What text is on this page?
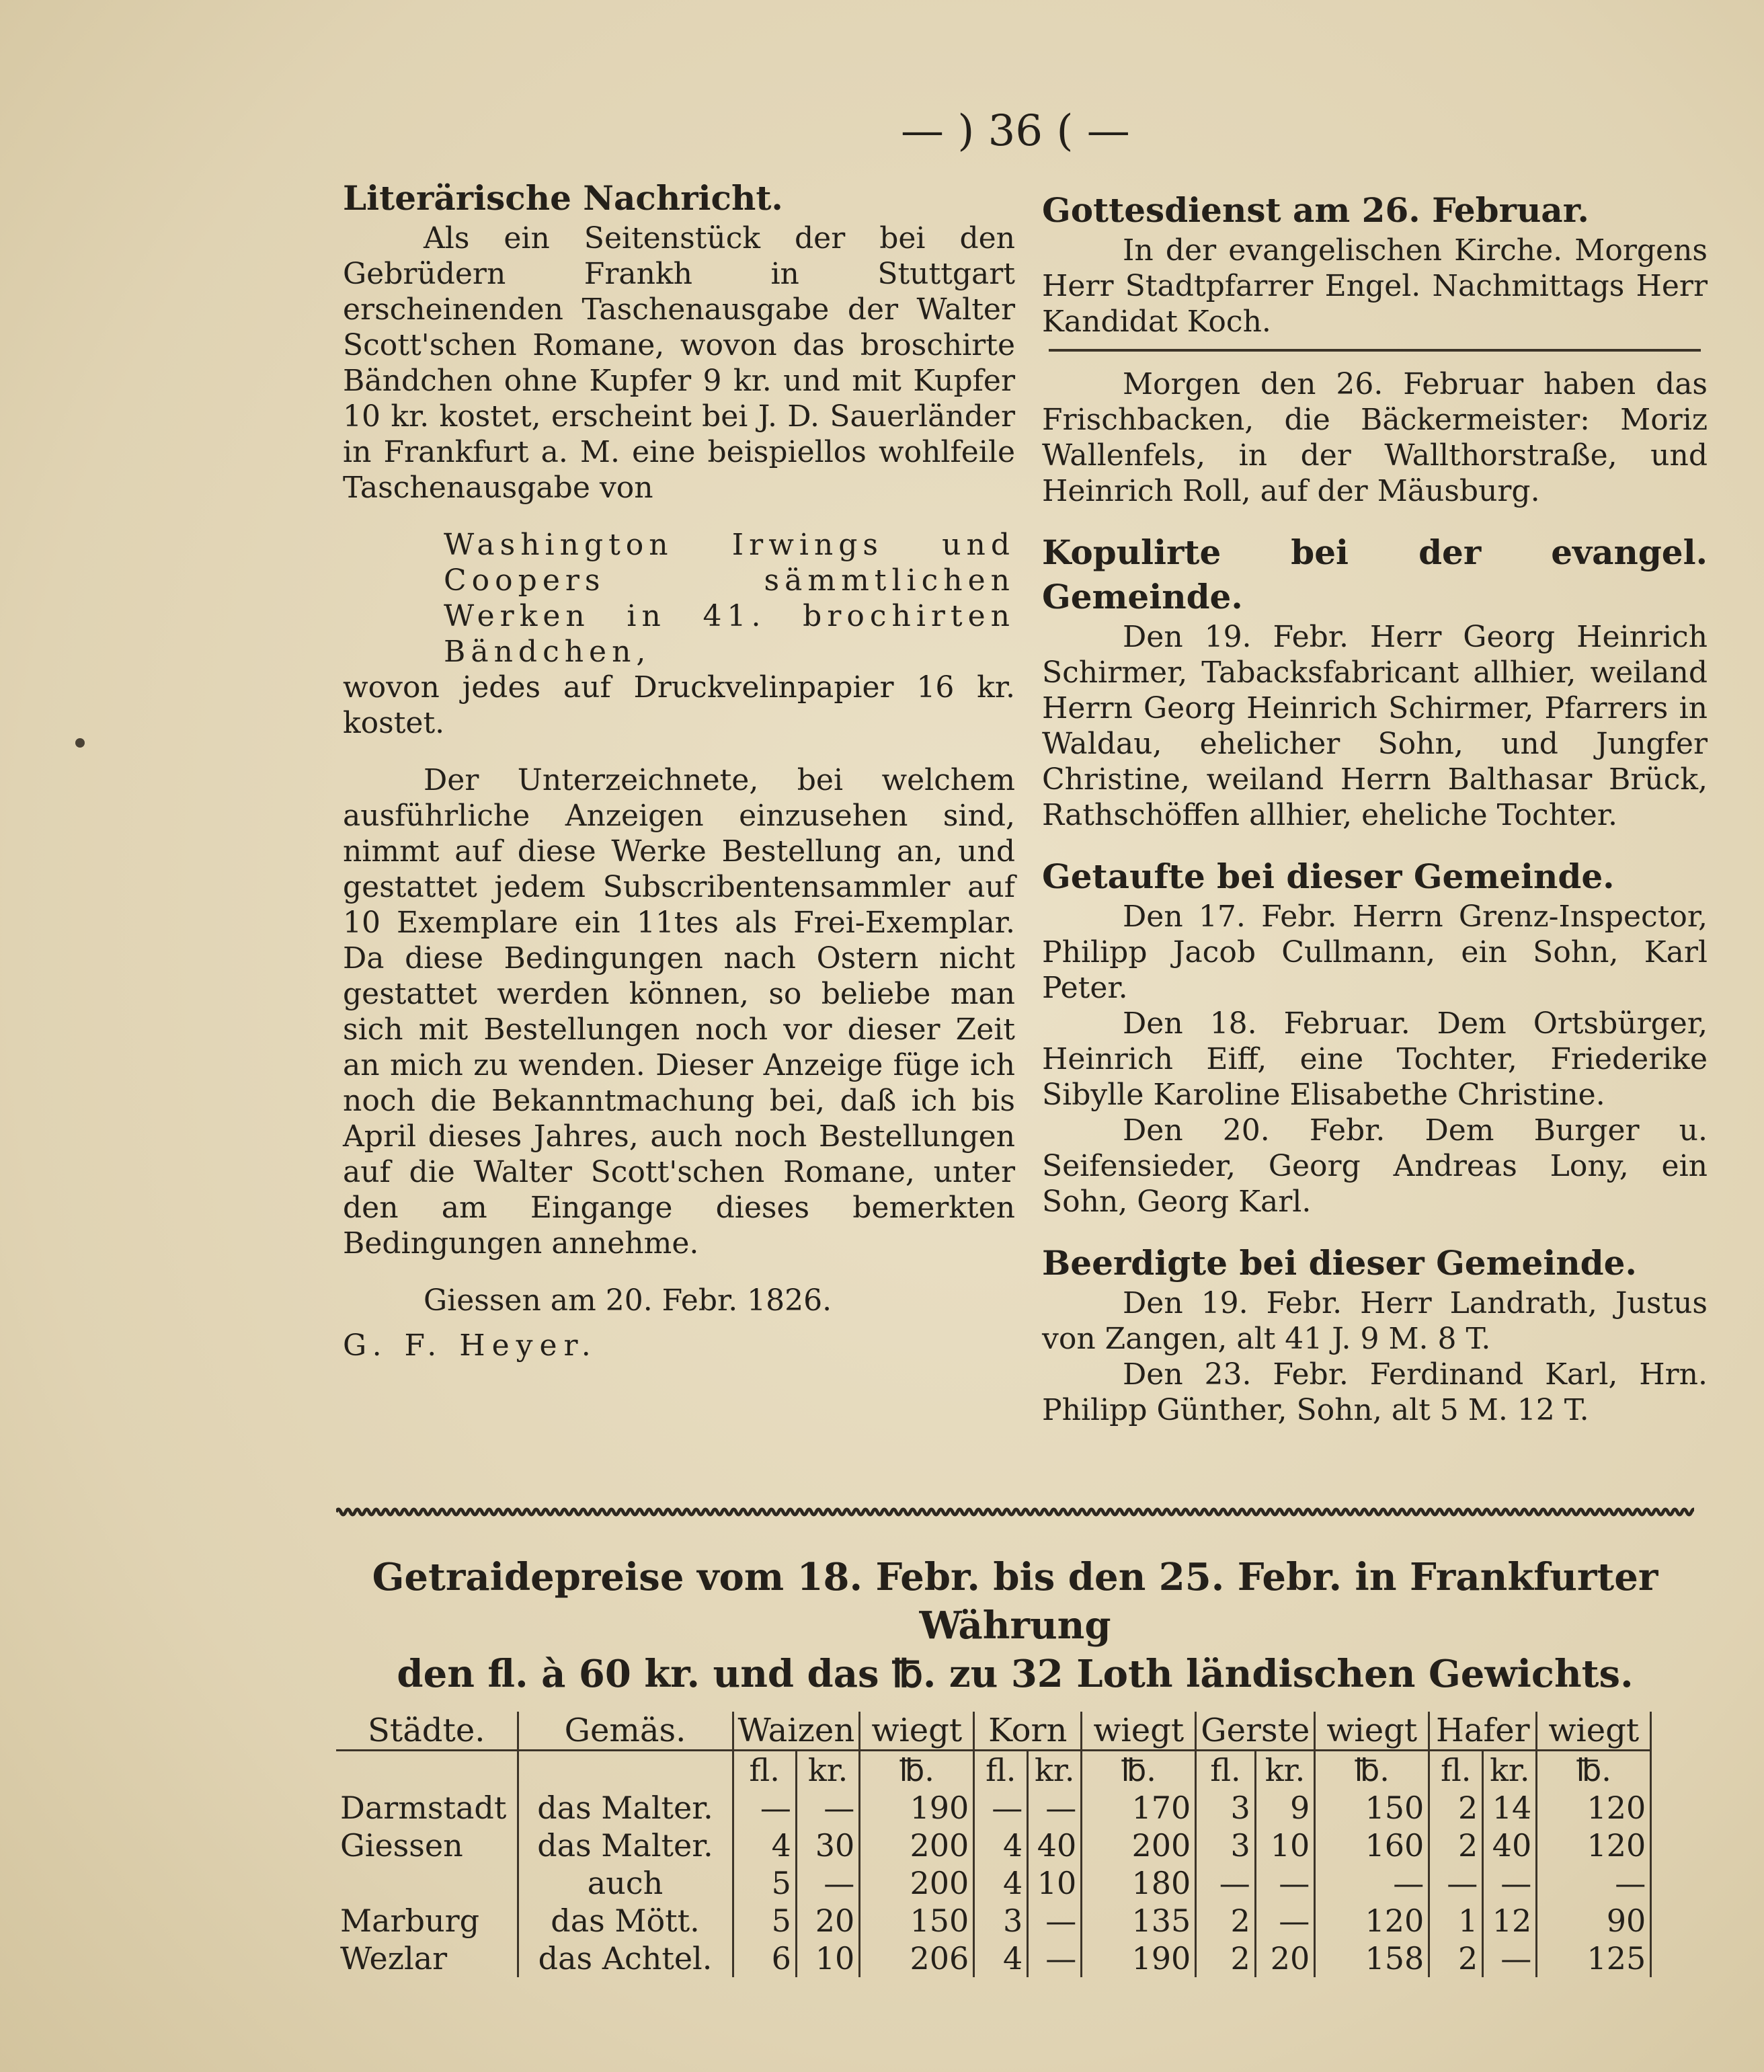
— ) 36 ( —

Literärische Nachricht.

Als ein Seitenstück der bei den Gebrüdern Frankh in Stuttgart erscheinenden Taschenausgabe der Walter Scott'schen Romane, wovon das broschirte Bändchen ohne Kupfer 9 kr. und mit Kupfer 10 kr. kostet, erscheint bei J. D. Sauerländer in Frankfurt a. M. eine beispiellos wohlfeile Taschenausgabe von

Washington Irwings und Coopers sämmtlichen Werken in 41. brochirten Bändchen,

wovon jedes auf Druckvelinpapier 16 kr. kostet.

Der Unterzeichnete, bei welchem ausführliche Anzeigen einzusehen sind, nimmt auf diese Werke Bestellung an, und gestattet jedem Subscribentensammler auf 10 Exemplare ein 11tes als Frei-Exemplar. Da diese Bedingungen nach Ostern nicht gestattet werden können, so beliebe man sich mit Bestellungen noch vor dieser Zeit an mich zu wenden. Dieser Anzeige füge ich noch die Bekanntmachung bei, daß ich bis April dieses Jahres, auch noch Bestellungen auf die Walter Scott'schen Romane, unter den am Eingange dieses bemerkten Bedingungen annehme.

Giessen am 20. Febr. 1826.

G. F. Heyer.

Gottesdienst am 26. Februar.

In der evangelischen Kirche. Morgens Herr Stadtpfarrer Engel. Nachmittags Herr Kandidat Koch.

Morgen den 26. Februar haben das Frischbacken, die Bäckermeister: Moriz Wallenfels, in der Wallthorstraße, und Heinrich Roll, auf der Mäusburg.

Kopulirte bei der evangel. Gemeinde.

Den 19. Febr. Herr Georg Heinrich Schirmer, Tabacksfabricant allhier, weiland Herrn Georg Heinrich Schirmer, Pfarrers in Waldau, ehelicher Sohn, und Jungfer Christine, weiland Herrn Balthasar Brück, Rathschöffen allhier, eheliche Tochter.

Getaufte bei dieser Gemeinde.

Den 17. Febr. Herrn Grenz-Inspector, Philipp Jacob Cullmann, ein Sohn, Karl Peter.

Den 18. Februar. Dem Ortsbürger, Heinrich Eiff, eine Tochter, Friederike Sibylle Karoline Elisabethe Christine.

Den 20. Febr. Dem Burger u. Seifensieder, Georg Andreas Lony, ein Sohn, Georg Karl.

Beerdigte bei dieser Gemeinde.

Den 19. Febr. Herr Landrath, Justus von Zangen, alt 41 J. 9 M. 8 T.

Den 23. Febr. Ferdinand Karl, Hrn. Philipp Günther, Sohn, alt 5 M. 12 T.

Getraidepreise vom 18. Febr. bis den 25. Febr. in Frankfurter Währung

den fl. à 60 kr. und das ℔. zu 32 Loth ländischen Gewichts.

Städte.	Gemäs.	Waizen		wiegt	Korn		wiegt	Gerste		wiegt	Hafer		wiegt
		fl.	kr.	℔.	fl.	kr.	℔.	fl.	kr.	℔.	fl.	kr.	℔.
Darmstadt	das Malter.	—	—	190	—	—	170	3	9	150	2	14	120
Giessen	das Malter.	4	30	200	4	40	200	3	10	160	2	40	120
	auch	5	—	200	4	10	180	—	—	—	—	—	—
Marburg	das Mött.	5	20	150	3	—	135	2	—	120	1	12	90
Wezlar	das Achtel.	6	10	206	4	—	190	2	20	158	2	—	125
